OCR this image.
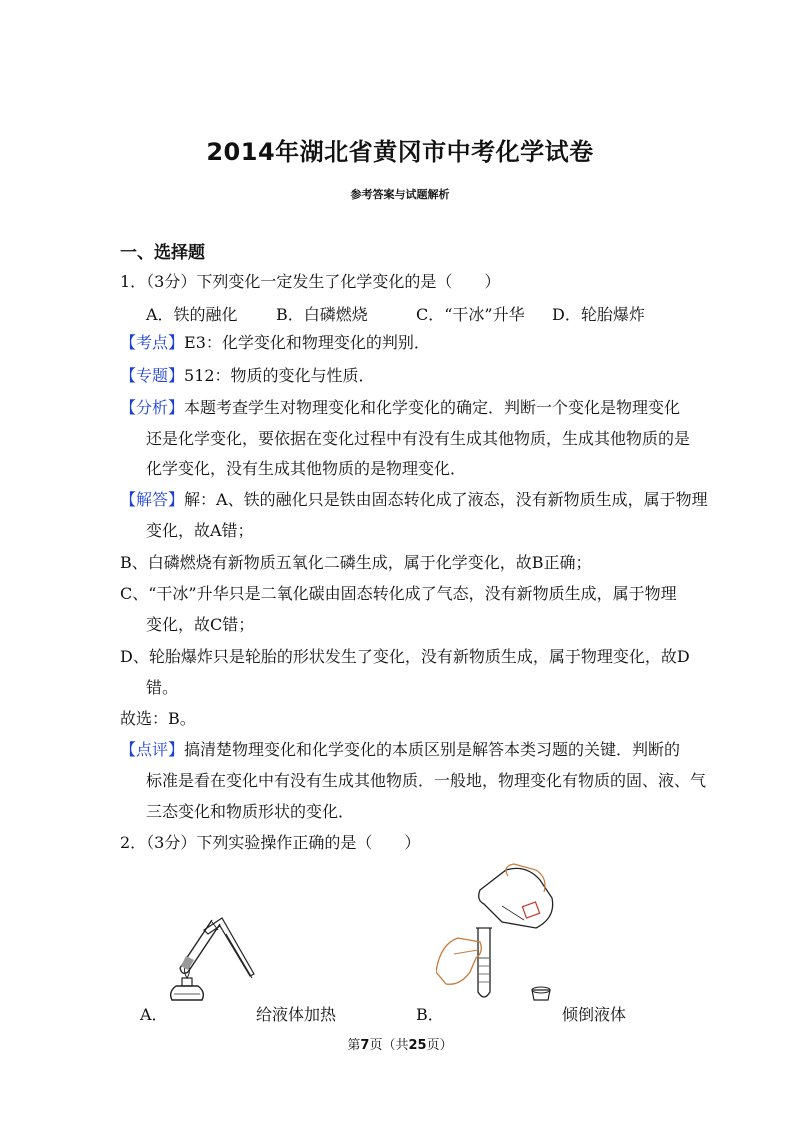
2014年湖北省黄冈市中考化学试卷
参考答案与试题解析
一、选择题
1．（3分）下列变化一定发生了化学变化的是（　　）
A．铁的融化 B．白磷燃烧	C．“干冰”升华 D．轮胎爆炸
【考点】E3：化学变化和物理变化的判别．
【专题】512：物质的变化与性质．
【分析】本题考查学生对物理变化和化学变化的确定．判断一个变化是物理变化
还是化学变化，要依据在变化过程中有没有生成其他物质，生成其他物质的是
化学变化，没有生成其他物质的是物理变化．
【解答】解：A、铁的融化只是铁由固态转化成了液态，没有新物质生成，属于物理
变化，故A错；
B、白磷燃烧有新物质五氧化二磷生成，属于化学变化，故B正确；
C、“干冰”升华只是二氧化碳由固态转化成了气态，没有新物质生成，属于物理
变化，故C错；
D、轮胎爆炸只是轮胎的形状发生了变化，没有新物质生成，属于物理变化，故D
错。
故选：B。
【点评】搞清楚物理变化和化学变化的本质区别是解答本类习题的关键．判断的
标准是看在变化中有没有生成其他物质．一般地，物理变化有物质的固、液、气
三态变化和物质形状的变化．
2．（3分）下列实验操作正确的是（　　）
A．	给液体加热	B．	倾倒液体
第7页（共25页）
